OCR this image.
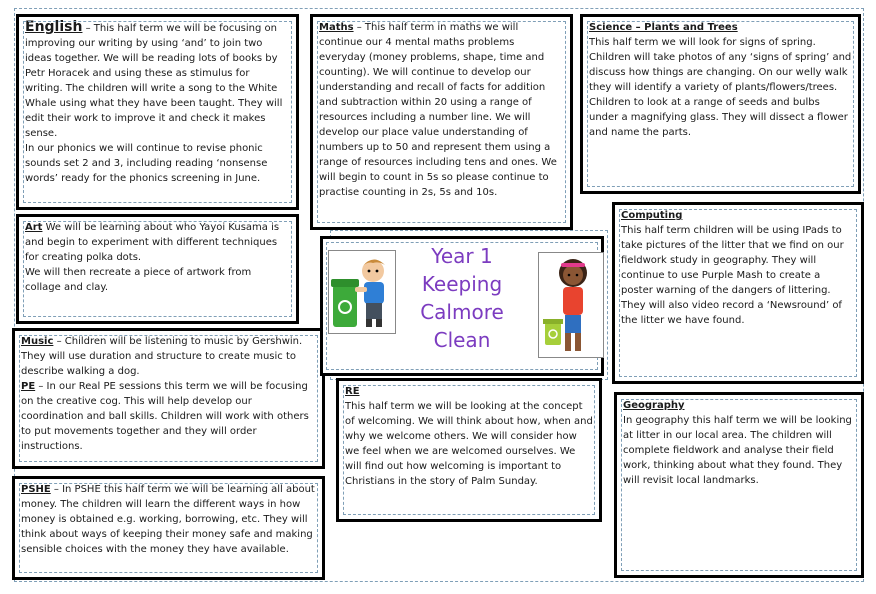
English – This half term we will be focusing on improving our writing by using ‘and’ to join two ideas together. We will be reading lots of books by Petr Horacek and using these as stimulus for writing. The children will write a song to the White Whale using what they have been taught. They will edit their work to improve it and check it makes sense.

In our phonics we will continue to revise phonic sounds set 2 and 3, including reading ‘nonsense words’ ready for the phonics screening in June.

Maths – This half term in maths we will continue our 4 mental maths problems everyday (money problems, shape, time and counting). We will continue to develop our understanding and recall of facts for addition and subtraction within 20 using a range of resources including a number line. We will develop our place value understanding of numbers up to 50 and represent them using a range of resources including tens and ones. We will begin to count in 5s so please continue to practise counting in 2s, 5s and 10s.

Science – Plants and Trees

This half term we will look for signs of spring. Children will take photos of any ‘signs of spring’ and discuss how things are changing. On our welly walk they will identify a variety of plants/flowers/trees. Children to look at a range of seeds and bulbs under a magnifying glass. They will dissect a flower and name the parts.

Art We will be learning about who Yayoi Kusama is and begin to experiment with different techniques for creating polka dots.

We will then recreate a piece of artwork from collage and clay.

Music – Children will be listening to music by Gershwin. They will use duration and structure to create music to describe walking a dog.

PE – In our Real PE sessions this term we will be focusing on the creative cog. This will help develop our coordination and ball skills. Children will work with others to put movements together and they will order instructions.

PSHE – In PSHE this half term we will be learning all about money. The children will learn the different ways in how money is obtained e.g. working, borrowing, etc. They will think about ways of keeping their money safe and making sensible choices with the money they have available.

Year 1
Keeping
Calmore Clean

RE

This half term we will be looking at the concept of welcoming. We will think about how, when and why we welcome others. We will consider how we feel when we are welcomed ourselves. We will find out how welcoming is important to Christians in the story of Palm Sunday.

Computing

This half term children will be using IPads to take pictures of the litter that we find on our fieldwork study in geography. They will continue to use Purple Mash to create a poster warning of the dangers of littering. They will also video record a ‘Newsround’ of the litter we have found.

Geography

In geography this half term we will be looking at litter in our local area. The children will complete fieldwork and analyse their field work, thinking about what they found. They will revisit local landmarks.
